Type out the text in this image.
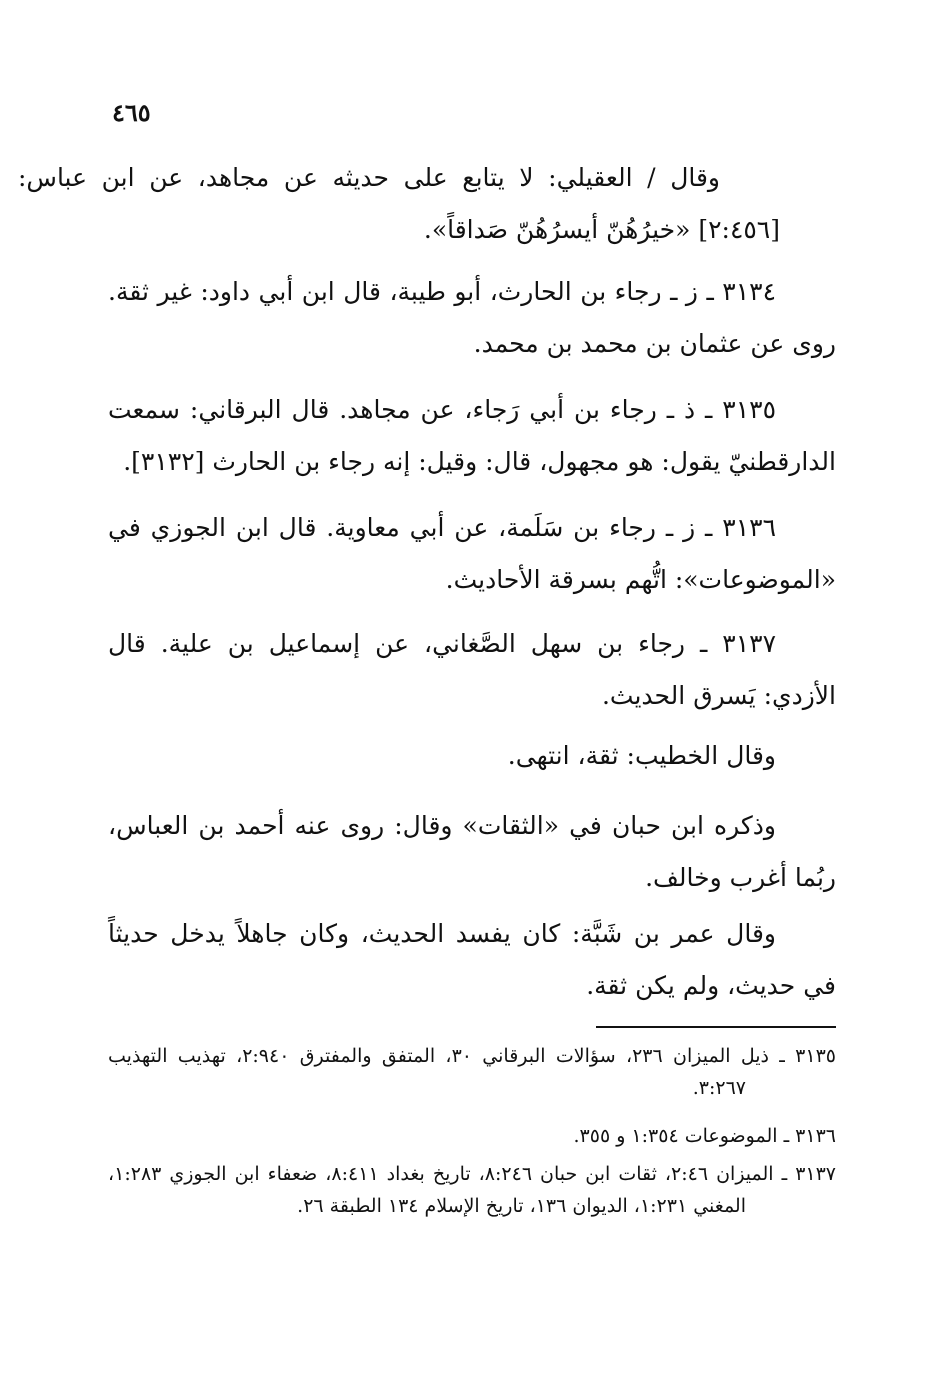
٤٦٥
وقال / العقيلي: لا يتابع على حديثه عن مجاهد، عن ابن عباس: [٢:٤٥٦] «خيرُهُنّ أيسرُهُنّ صَداقاً».
٣١٣٤ ـ ز ـ رجاء بن الحارث، أبو طيبة، قال ابن أبي داود: غير ثقة. روى عن عثمان بن محمد بن محمد.
٣١٣٥ ـ ذ ـ رجاء بن أبي رَجاء، عن مجاهد. قال البرقاني: سمعت الدارقطنيّ يقول: هو مجهول، قال: وقيل: إنه رجاء بن الحارث [٣١٣٢].
٣١٣٦ ـ ز ـ رجاء بن سَلَمة، عن أبي معاوية. قال ابن الجوزي في «الموضوعات»: اتُّهم بسرقة الأحاديث.
٣١٣٧ ـ رجاء بن سهل الصَّغاني، عن إسماعيل بن علية. قال الأزدي: يَسرق الحديث.
وقال الخطيب: ثقة، انتهى.
وذكره ابن حبان في «الثقات» وقال: روى عنه أحمد بن العباس، ربُما أغرب وخالف.
وقال عمر بن شَبَّة: كان يفسد الحديث، وكان جاهلاً يدخل حديثاً في حديث، ولم يكن ثقة.
٣١٣٥ ـ ذيل الميزان ٢٣٦، سؤالات البرقاني ٣٠، المتفق والمفترق ٢:٩٤٠، تهذيب التهذيب ٣:٢٦٧.
٣١٣٦ ـ الموضوعات ١:٣٥٤ و ٣٥٥.
٣١٣٧ ـ الميزان ٢:٤٦، ثقات ابن حبان ٨:٢٤٦، تاريخ بغداد ٨:٤١١، ضعفاء ابن الجوزي ١:٢٨٣، المغني ١:٢٣١، الديوان ١٣٦، تاريخ الإسلام ١٣٤ الطبقة ٢٦.
